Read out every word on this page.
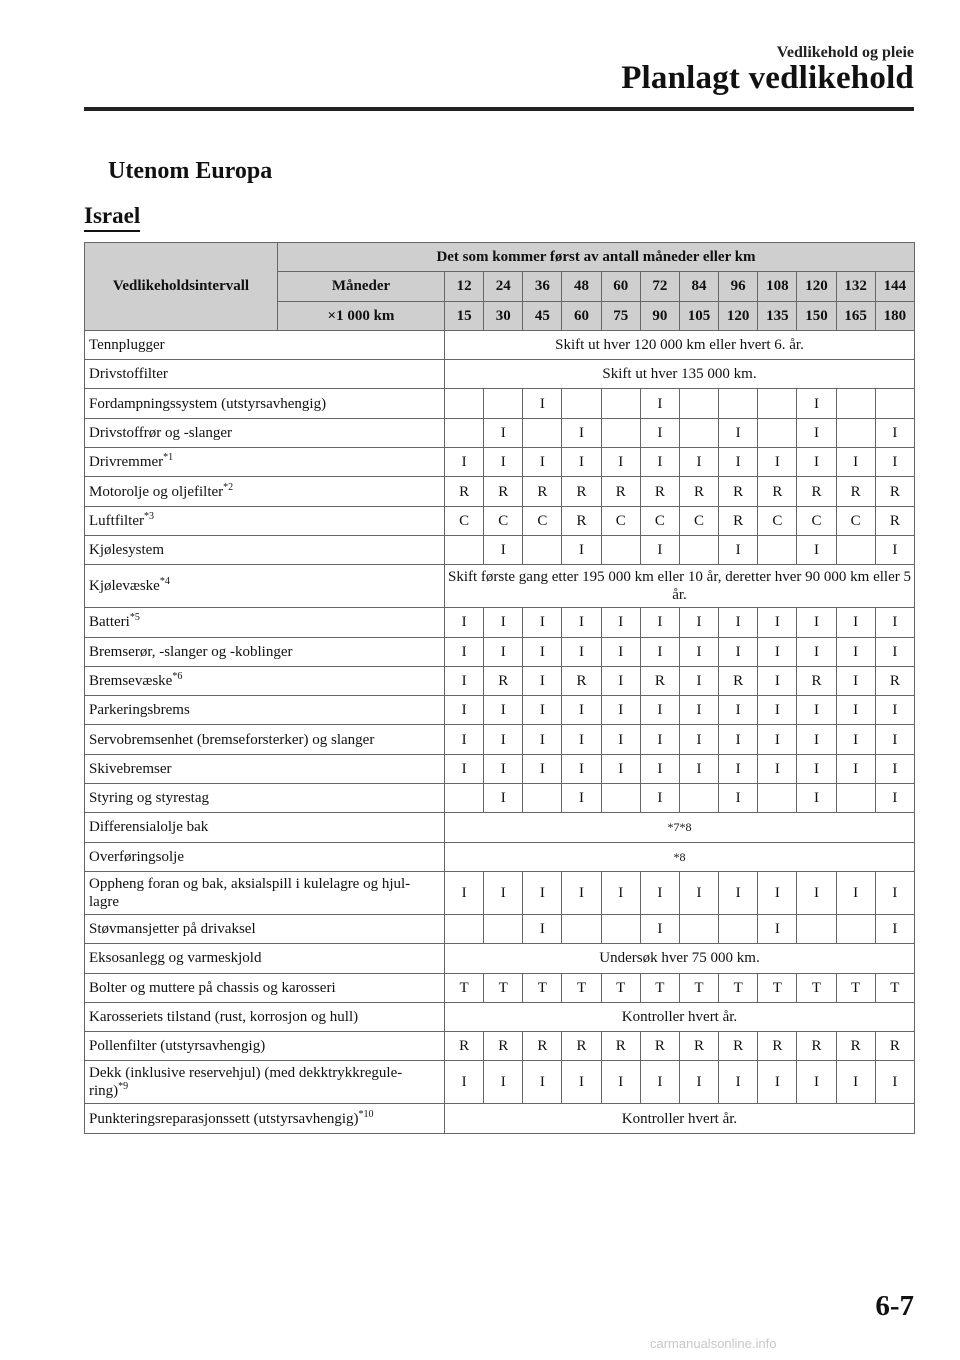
Vedlikehold og pleie
Planlagt vedlikehold
Utenom Europa
Israel
Vedlikeholdsintervall	Det som kommer først av antall måneder eller km												
	Måneder	12	24	36	48	60	72	84	96	108	120	132	144
	×1 000 km	15	30	45	60	75	90	105	120	135	150	165	180
Tennplugger		Skift ut hver 120 000 km eller hvert 6. år.											
Drivstoffilter		Skift ut hver 135 000 km.											
Fordampningssystem (utstyrsavhengig)				I			I				I		
Drivstoffrør og -slanger			I		I		I		I		I		I
Drivremmer$^{*1}$		I	I	I	I	I	I	I	I	I	I	I	I
Motorolje og oljefilter$^{*2}$		R	R	R	R	R	R	R	R	R	R	R	R
Luftfilter$^{*3}$		C	C	C	R	C	C	C	R	C	C	C	R
Kjølesystem			I		I		I		I		I		I
Kjølevæske$^{*4}$		Skift første gang etter 195 000 km eller 10 år, deretter hver 90 000 km eller 5 år.											
Batteri$^{*5}$		I	I	I	I	I	I	I	I	I	I	I	I
Bremserør, -slanger og -koblinger		I	I	I	I	I	I	I	I	I	I	I	I
Bremsevæske$^{*6}$		I	R	I	R	I	R	I	R	I	R	I	R
Parkeringsbrems		I	I	I	I	I	I	I	I	I	I	I	I
Servobremsenhet (bremseforsterker) og slanger		I	I	I	I	I	I	I	I	I	I	I	I
Skivebremser		I	I	I	I	I	I	I	I	I	I	I	I
Styring og styrestag			I		I		I		I		I		I
Differensialolje bak		*7*8											
Overføringsolje		*8											
Oppheng foran og bak, aksialspill i kulelagre og hjul-lagre		I	I	I	I	I	I	I	I	I	I	I	I
Støvmansjetter på drivaksel				I			I			I			I
Eksosanlegg og varmeskjold		Undersøk hver 75 000 km.											
Bolter og muttere på chassis og karosseri		T	T	T	T	T	T	T	T	T	T	T	T
Karosseriets tilstand (rust, korrosjon og hull)		Kontroller hvert år.											
Pollenfilter (utstyrsavhengig)		R	R	R	R	R	R	R	R	R	R	R	R
Dekk (inklusive reservehjul) (med dekktrykkregule-ring)$^{*9}$		I	I	I	I	I	I	I	I	I	I	I	I
Punkteringsreparasjonssett (utstyrsavhengig)$^{*10}$		Kontroller hvert år.											
6-7
carmanualsonline.info
